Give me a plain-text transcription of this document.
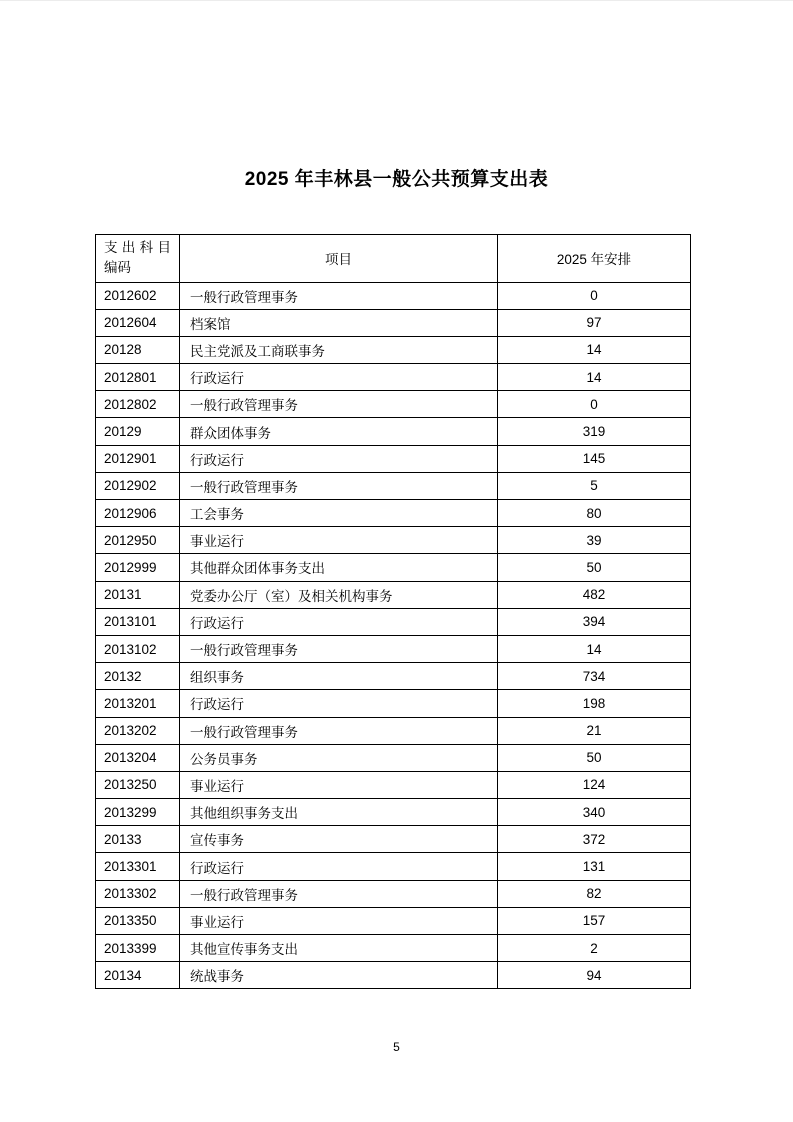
2025 年丰林县一般公共预算支出表
支出科目编码	项目	2025 年安排
2012602	一般行政管理事务	0
2012604	档案馆	97
20128	民主党派及工商联事务	14
2012801	行政运行	14
2012802	一般行政管理事务	0
20129	群众团体事务	319
2012901	行政运行	145
2012902	一般行政管理事务	5
2012906	工会事务	80
2012950	事业运行	39
2012999	其他群众团体事务支出	50
20131	党委办公厅（室）及相关机构事务	482
2013101	行政运行	394
2013102	一般行政管理事务	14
20132	组织事务	734
2013201	行政运行	198
2013202	一般行政管理事务	21
2013204	公务员事务	50
2013250	事业运行	124
2013299	其他组织事务支出	340
20133	宣传事务	372
2013301	行政运行	131
2013302	一般行政管理事务	82
2013350	事业运行	157
2013399	其他宣传事务支出	2
20134	统战事务	94
5
